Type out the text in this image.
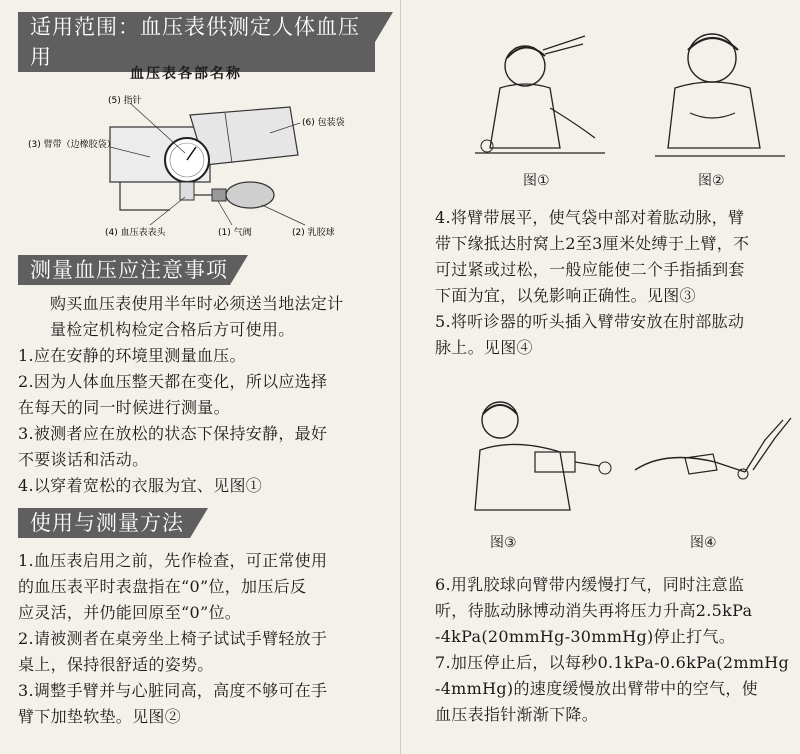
适用范围：血压表供测定人体血压用
血压表各部名称
(5) 指针
(3) 臂带（边橡胶袋）
(6) 包装袋
(4) 血压表表头	(1) 气阀	(2) 乳胶球
测量血压应注意事项
购买血压表使用半年时必须送当地法定计
量检定机构检定合格后方可使用。
1.应在安静的环境里测量血压。
2.因为人体血压整天都在变化，所以应选择
在每天的同一时候进行测量。
3.被测者应在放松的状态下保持安静，最好
不要谈话和活动。
4.以穿着宽松的衣服为宜、见图①
使用与测量方法
1.血压表启用之前，先作检查，可正常使用
的血压表平时表盘指在“0”位，加压后反
应灵活，并仍能回原至“0”位。
2.请被测者在桌旁坐上椅子试试手臂轻放于
桌上，保持很舒适的姿势。
3.调整手臂并与心脏同高，高度不够可在手
臂下加垫软垫。见图②
图①	图②
4.将臂带展平，使气袋中部对着肱动脉，臂
带下缘抵达肘窝上2至3厘米处缚于上臂，不
可过紧或过松，一般应能使二个手指插到套
下面为宜，以免影响正确性。见图③
5.将听诊器的听头插入臂带安放在肘部肱动
脉上。见图④
图③	图④
6.用乳胶球向臂带内缓慢打气，同时注意监
听，待肱动脉博动消失再将压力升高2.5kPa
-4kPa(20mmHg-30mmHg)停止打气。
7.加压停止后，以每秒0.1kPa-0.6kPa(2mmHg
-4mmHg)的速度缓慢放出臂带中的空气，使
血压表指针渐渐下降。
